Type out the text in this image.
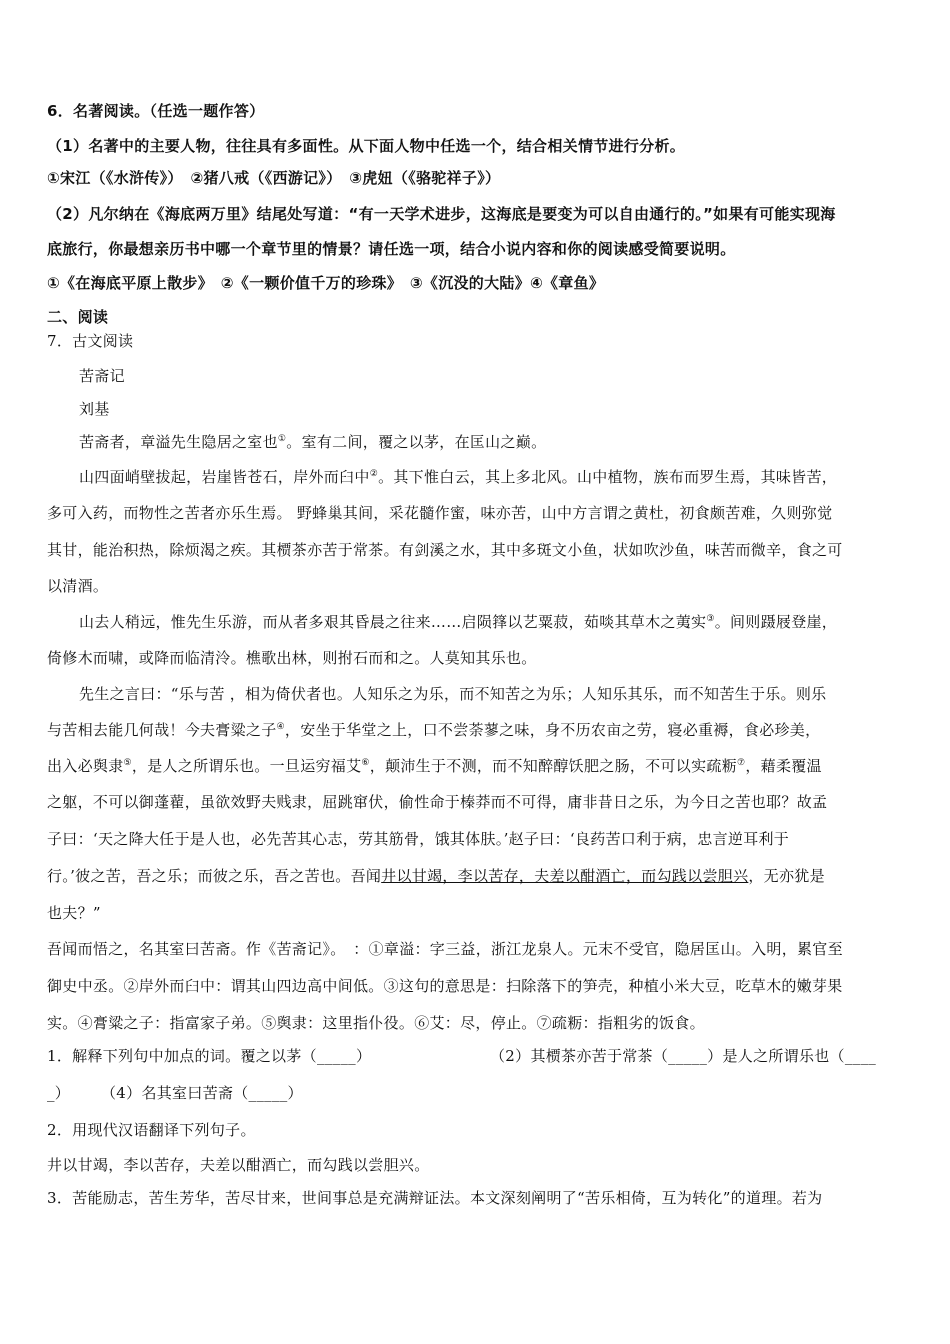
6．名著阅读。（任选一题作答）
（1）名著中的主要人物，往往具有多面性。从下面人物中任选一个，结合相关情节进行分析。
①宋江（《水浒传》）　②猪八戒（《西游记》）　③虎妞（《骆驼祥子》）
（2）凡尔纳在《海底两万里》结尾处写道：“有一天学术进步，这海底是要变为可以自由通行的。”如果有可能实现海
底旅行，你最想亲历书中哪一个章节里的情景？请任选一项，结合小说内容和你的阅读感受简要说明。
①《在海底平原上散步》　②《一颗价值千万的珍珠》　③《沉没的大陆》④《章鱼》
二、阅读
7．古文阅读
苦斋记
刘基
苦斋者，章溢先生隐居之室也①。室有二间，覆之以茅，在匡山之巅。
山四面峭壁拔起，岩崖皆苍石，岸外而臼中②。其下惟白云，其上多北风。山中植物，族布而罗生焉，其味皆苦，
多可入药，而物性之苦者亦乐生焉。 野蜂巢其间，采花髓作蜜，味亦苦，山中方言谓之黄杜，初食颇苦难，久则弥觉
其甘，能治积热，除烦渴之疾。其槚茶亦苦于常茶。有剑溪之水，其中多斑文小鱼，状如吹沙鱼，味苦而微辛，食之可
以清酒。
山去人稍远，惟先生乐游，而从者多艰其昏晨之往来……启陨箨以艺粟菽，茹啖其草木之荑实③。间则蹑屐登崖，
倚修木而啸，或降而临清泠。樵歌出林，则拊石而和之。人莫知其乐也。
先生之言曰：“乐与苦 ，相为倚伏者也。人知乐之为乐，而不知苦之为乐；人知乐其乐，而不知苦生于乐。则乐
与苦相去能几何哉！今夫膏粱之子④，安坐于华堂之上，口不尝荼蓼之味，身不历农亩之劳，寝必重褥，食必珍美，
出入必舆隶⑤，是人之所谓乐也。一旦运穷福艾⑥，颠沛生于不测，而不知醉醇饫肥之肠，不可以实疏粝⑦，藉柔覆温
之躯，不可以御蓬藋，虽欲效野夫贱隶，屈跳窜伏，偷性命于榛莽而不可得，庸非昔日之乐，为今日之苦也耶？故孟
子曰：‘天之降大任于是人也，必先苦其心志，劳其筋骨，饿其体肤。’赵子曰：‘良药苦口利于病，忠言逆耳利于
行。’彼之苦，吾之乐；而彼之乐，吾之苦也。吾闻井以甘竭，李以苦存，夫差以酣酒亡，而勾践以尝胆兴，无亦犹是
也夫？”
吾闻而悟之，名其室曰苦斋。作《苦斋记》。　：①章溢：字三益，浙江龙泉人。元末不受官，隐居匡山。入明，累官至
御史中丞。②岸外而臼中：谓其山四边高中间低。③这句的意思是：扫除落下的笋壳，种植小米大豆，吃草木的嫩芽果
实。④膏粱之子：指富家子弟。⑤舆隶：这里指仆役。⑥艾：尽，停止。⑦疏粝：指粗劣的饭食。
1．解释下列句中加点的词。覆之以茅（_____）	（2）其槚茶亦苦于常茶（_____）是人之所谓乐也（____
_）　　　（4）名其室曰苦斋（_____）
2．用现代汉语翻译下列句子。
井以甘竭，李以苦存，夫差以酣酒亡，而勾践以尝胆兴。
3．苦能励志，苦生芳华，苦尽甘来，世间事总是充满辩证法。本文深刻阐明了“苦乐相倚，互为转化”的道理。若为
